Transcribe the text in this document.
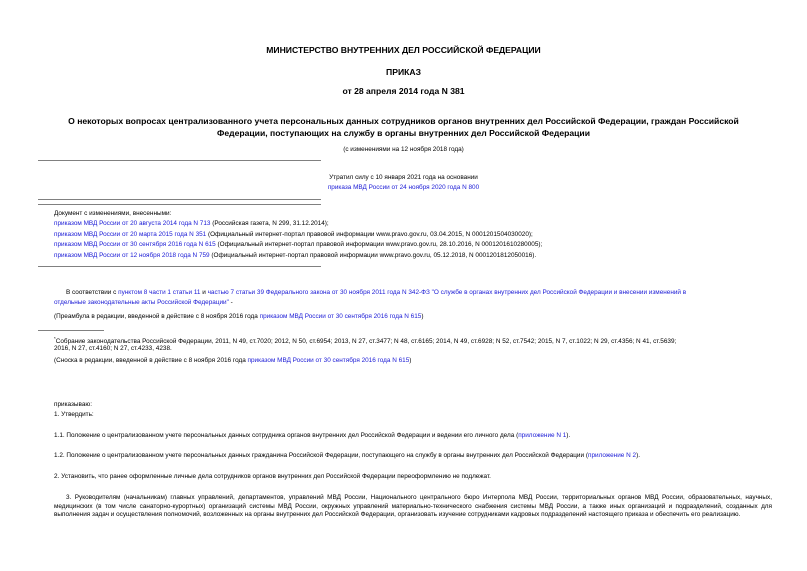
МИНИСТЕРСТВО ВНУТРЕННИХ ДЕЛ РОССИЙСКОЙ ФЕДЕРАЦИИ
ПРИКАЗ
от 28 апреля 2014 года N 381
О некоторых вопросах централизованного учета персональных данных сотрудников органов внутренних дел Российской Федерации, граждан Российской
Федерации, поступающих на службу в органы внутренних дел Российской Федерации
(с изменениями на 12 ноября 2018 года)
Утратил силу с 10 января 2021 года на основании
приказа МВД России от 24 ноября 2020 года N 800
Документ с изменениями, внесенными:
приказом МВД России от 20 августа 2014 года N 713 (Российская газета, N 299, 31.12.2014);
приказом МВД России от 20 марта 2015 года N 351 (Официальный интернет-портал правовой информации www.pravo.gov.ru, 03.04.2015, N 0001201504030020);
приказом МВД России от 30 сентября 2016 года N 615 (Официальный интернет-портал правовой информации www.pravo.gov.ru, 28.10.2016, N 0001201610280005);
приказом МВД России от 12 ноября 2018 года N 759 (Официальный интернет-портал правовой информации www.pravo.gov.ru, 05.12.2018, N 0001201812050016).
В соответствии с пунктом 8 части 1 статьи 11 и частью 7 статьи 39 Федерального закона от 30 ноября 2011 года N 342-ФЗ "О службе в органах внутренних дел Российской Федерации и внесении изменений в
отдельные законодательные акты Российской Федерации" -
(Преамбула в редакции, введенной в действие с 8 ноября 2016 года приказом МВД России от 30 сентября 2016 года N 615)
*Собрание законодательства Российской Федерации, 2011, N 49, ст.7020; 2012, N 50, ст.6954; 2013, N 27, ст.3477; N 48, ст.6165; 2014, N 49, ст.6928; N 52, ст.7542; 2015, N 7, ст.1022; N 29, ст.4356; N 41, ст.5639;
2016, N 27, ст.4160; N 27, ст.4233, 4238.
(Сноска в редакции, введенной в действие с 8 ноября 2016 года приказом МВД России от 30 сентября 2016 года N 615)
приказываю:
1. Утвердить:
1.1. Положение о централизованном учете персональных данных сотрудника органов внутренних дел Российской Федерации и ведении его личного дела (приложение N 1).
1.2. Положение о централизованном учете персональных данных гражданина Российской Федерации, поступающего на службу в органы внутренних дел Российской Федерации (приложение N 2).
2. Установить, что ранее оформленные личные дела сотрудников органов внутренних дел Российской Федерации переоформлению не подлежат.
3. Руководителям (начальникам) главных управлений, департаментов, управлений МВД России, Национального центрального бюро Интерпола МВД России, территориальных органов МВД России, образовательных, научных, медицинских (в том числе санаторно-курортных) организаций системы МВД России, окружных управлений материально-технического снабжения системы МВД России, а также иных организаций и подразделений, созданных для выполнения задач и осуществления полномочий, возложенных на органы внутренних дел Российской Федерации, организовать изучение сотрудниками кадровых подразделений настоящего приказа и обеспечить его реализацию.
